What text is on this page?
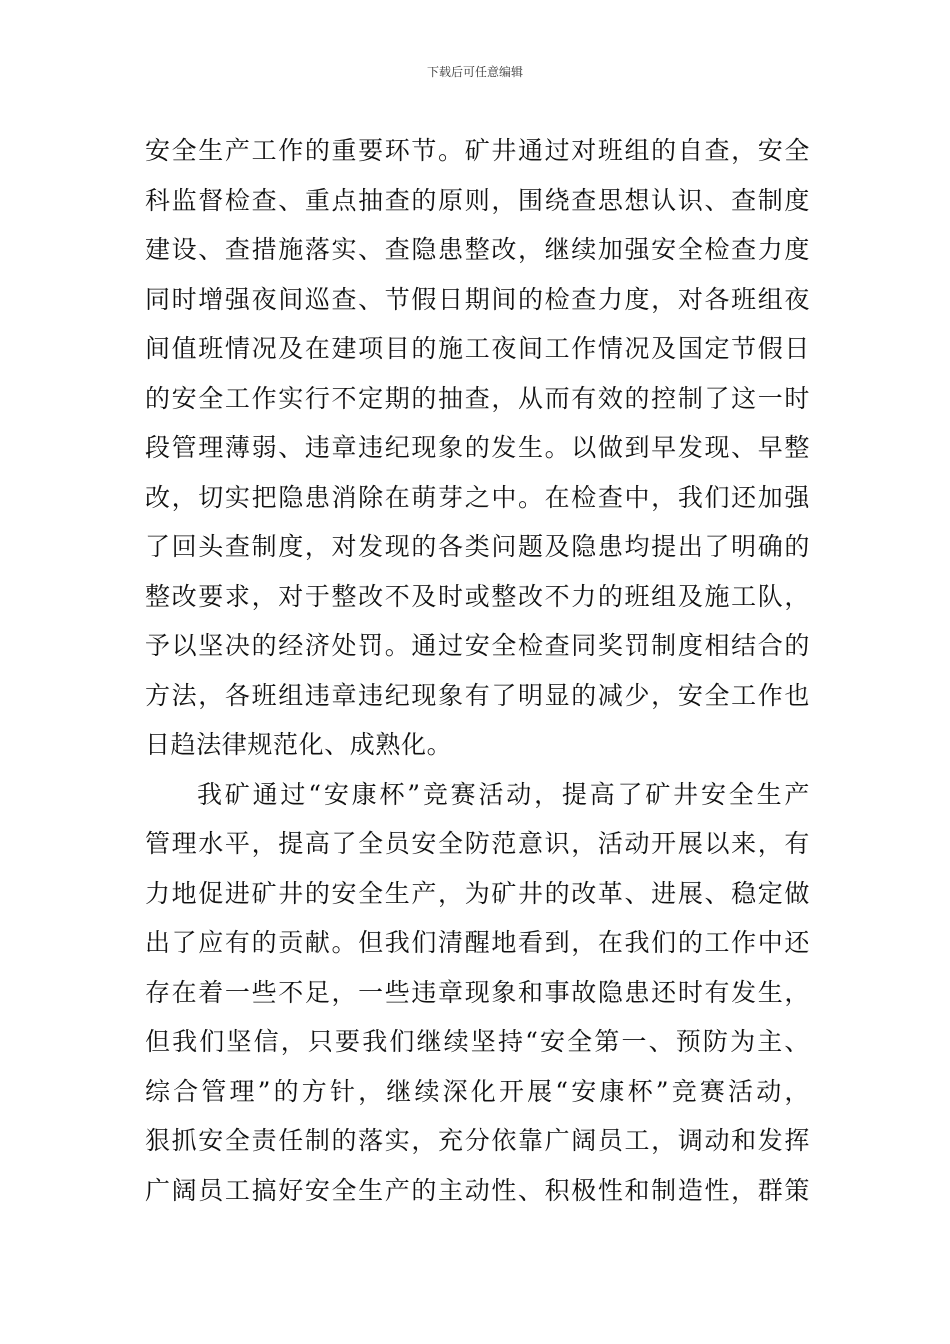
下载后可任意编辑
安全生产工作的重要环节。矿井通过对班组的自查，安全
科监督检查、重点抽查的原则，围绕查思想认识、查制度
建设、查措施落实、查隐患整改，继续加强安全检查力度
同时增强夜间巡查、节假日期间的检查力度，对各班组夜
间值班情况及在建项目的施工夜间工作情况及国定节假日
的安全工作实行不定期的抽查，从而有效的控制了这一时
段管理薄弱、违章违纪现象的发生。以做到早发现、早整
改，切实把隐患消除在萌芽之中。在检查中，我们还加强
了回头查制度，对发现的各类问题及隐患均提出了明确的
整改要求，对于整改不及时或整改不力的班组及施工队，
予以坚决的经济处罚。通过安全检查同奖罚制度相结合的
方法，各班组违章违纪现象有了明显的减少，安全工作也
日趋法律规范化、成熟化。
我矿通过“安康杯”竞赛活动，提高了矿井安全生产
管理水平，提高了全员安全防范意识，活动开展以来，有
力地促进矿井的安全生产，为矿井的改革、进展、稳定做
出了应有的贡献。但我们清醒地看到，在我们的工作中还
存在着一些不足，一些违章现象和事故隐患还时有发生，
但我们坚信，只要我们继续坚持“安全第一、预防为主、
综合管理”的方针，继续深化开展“安康杯”竞赛活动，
狠抓安全责任制的落实，充分依靠广阔员工，调动和发挥
广阔员工搞好安全生产的主动性、积极性和制造性，群策
